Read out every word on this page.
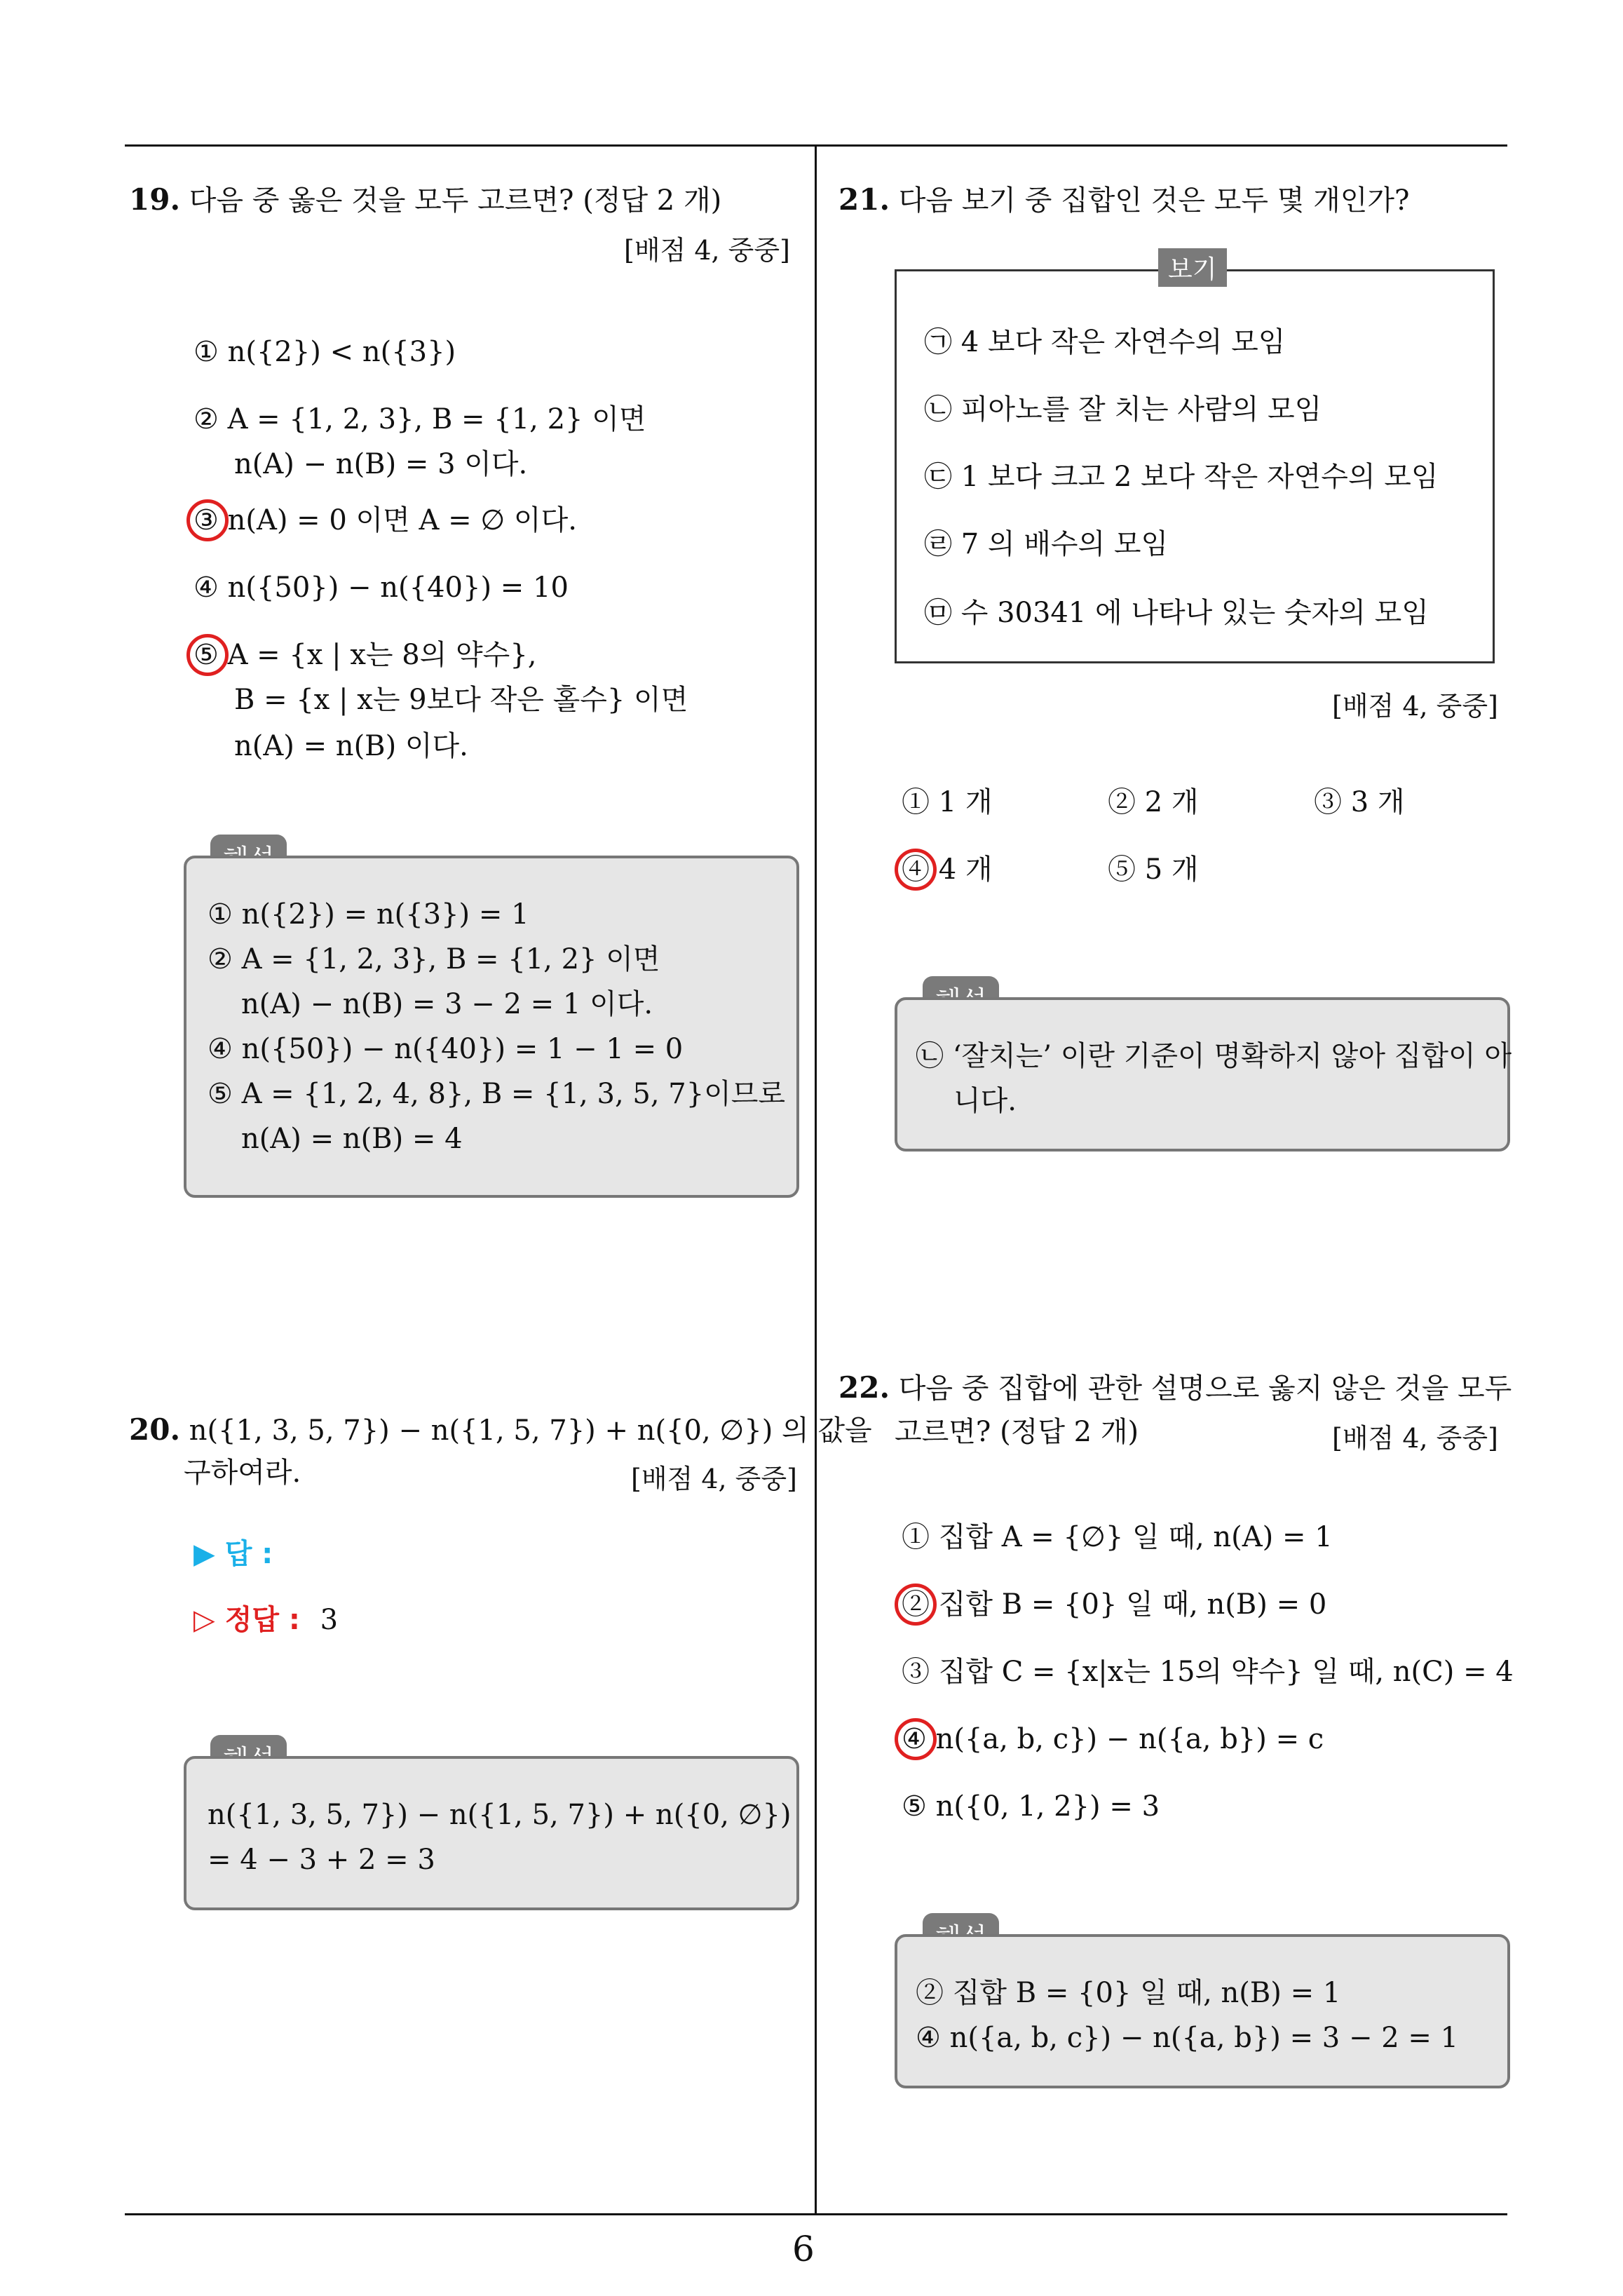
19. 다음 중 옳은 것을 모두 고르면? (정답 2 개)
[배점 4, 중중]
① n({2}) < n({3})
② A = {1, 2, 3}, B = {1, 2} 이면
n(A) − n(B) = 3 이다.
③ n(A) = 0 이면 A = ∅ 이다.
④ n({50}) − n({40}) = 10
⑤ A = {x | x는 8의 약수},
B = {x | x는 9보다 작은 홀수} 이면
n(A) = n(B) 이다.
① n({2}) = n({3}) = 1
② A = {1, 2, 3}, B = {1, 2} 이면
n(A) − n(B) = 3 − 2 = 1 이다.
④ n({50}) − n({40}) = 1 − 1 = 0
⑤ A = {1, 2, 4, 8}, B = {1, 3, 5, 7}이므로
n(A) = n(B) = 4
20. n({1, 3, 5, 7}) − n({1, 5, 7}) + n({0, ∅}) 의 값을
구하여라.	[배점 4, 중중]
▶ 답 :
▷ 정답 : 3
n({1, 3, 5, 7}) − n({1, 5, 7}) + n({0, ∅})
= 4 − 3 + 2 = 3
21. 다음 보기 중 집합인 것은 모두 몇 개인가?
보기
㉠ 4 보다 작은 자연수의 모임
㉡ 피아노를 잘 치는 사람의 모임
㉢ 1 보다 크고 2 보다 작은 자연수의 모임
㉣ 7 의 배수의 모임
㉤ 수 30341 에 나타나 있는 숫자의 모임
[배점 4, 중중]
① 1 개	② 2 개	③ 3 개
④ 4 개	⑤ 5 개
㉡ ‘잘치는’ 이란 기준이 명확하지 않아 집합이 아
니다.
22. 다음 중 집합에 관한 설명으로 옳지 않은 것을 모두
고르면? (정답 2 개)	[배점 4, 중중]
① 집합 A = {∅} 일 때, n(A) = 1
② 집합 B = {0} 일 때, n(B) = 0
③ 집합 C = {x|x는 15의 약수} 일 때, n(C) = 4
④ n({a, b, c}) − n({a, b}) = c
⑤ n({0, 1, 2}) = 3
② 집합 B = {0} 일 때, n(B) = 1
④ n({a, b, c}) − n({a, b}) = 3 − 2 = 1
6
